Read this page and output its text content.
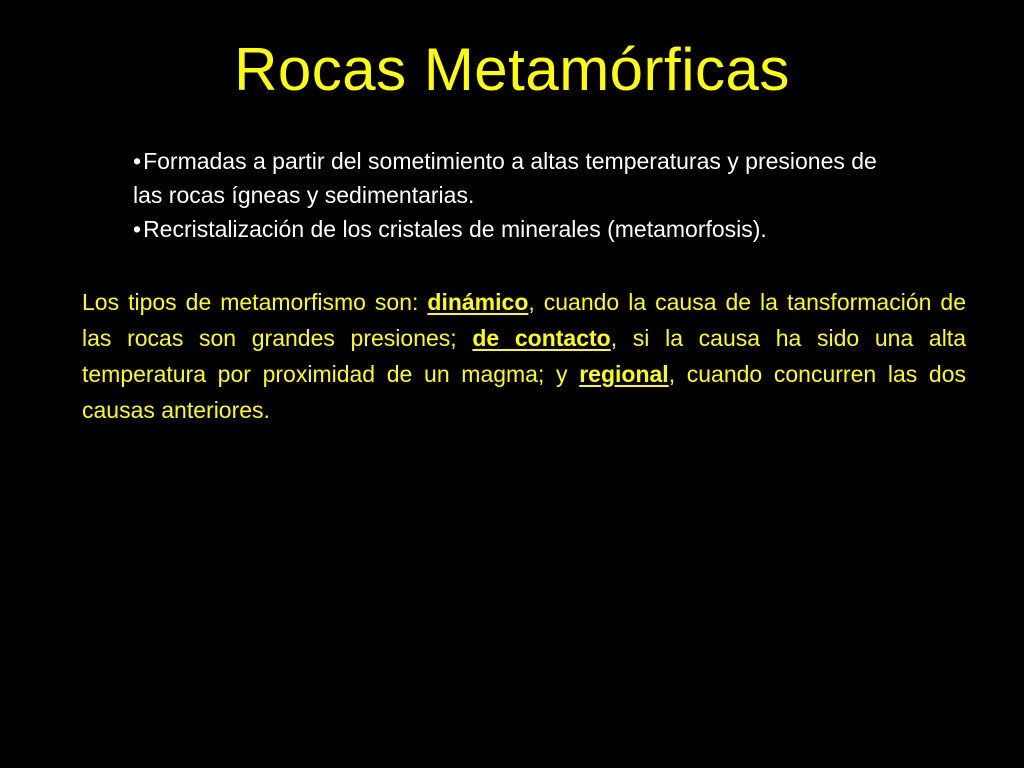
Rocas Metamórficas
•Formadas a partir del sometimiento a altas temperaturas y presiones de las rocas ígneas y sedimentarias.
•Recristalización de los cristales de minerales (metamorfosis).
Los tipos de metamorfismo son: dinámico, cuando la causa de la tansformación de las rocas son grandes presiones; de contacto, si la causa ha sido una alta temperatura por proximidad de un magma; y regional, cuando concurren las dos causas anteriores.
